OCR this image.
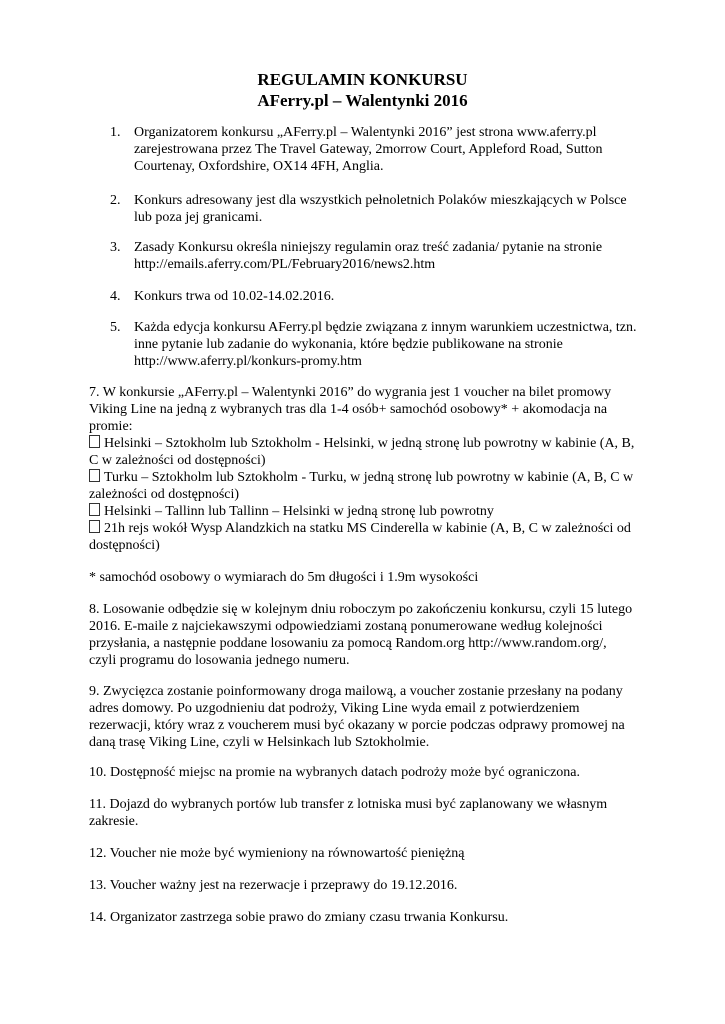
REGULAMIN KONKURSU
AFerry.pl – Walentynki 2016
1. Organizatorem konkursu „AFerry.pl – Walentynki 2016” jest strona www.aferry.pl
zarejestrowana przez The Travel Gateway, 2morrow Court, Appleford Road, Sutton
Courtenay, Oxfordshire, OX14 4FH, Anglia.
2. Konkurs adresowany jest dla wszystkich pełnoletnich Polaków mieszkających w Polsce
lub poza jej granicami.
3. Zasady Konkursu określa niniejszy regulamin oraz treść zadania/ pytanie na stronie
http://emails.aferry.com/PL/February2016/news2.htm
4. Konkurs trwa od 10.02-14.02.2016.
5. Każda edycja konkursu AFerry.pl będzie związana z innym warunkiem uczestnictwa, tzn.
inne pytanie lub zadanie do wykonania, które będzie publikowane na stronie
http://www.aferry.pl/konkurs-promy.htm
7. W konkursie „AFerry.pl – Walentynki 2016” do wygrania jest 1 voucher na bilet promowy
Viking Line na jedną z wybranych tras dla 1-4 osób+ samochód osobowy* + akomodacja na
promie:
Helsinki – Sztokholm lub Sztokholm - Helsinki, w jedną stronę lub powrotny w kabinie (A, B,
C w zależności od dostępności)
Turku – Sztokholm lub Sztokholm - Turku, w jedną stronę lub powrotny w kabinie (A, B, C w
zależności od dostępności)
Helsinki – Tallinn lub Tallinn – Helsinki w jedną stronę lub powrotny
21h rejs wokół Wysp Alandzkich na statku MS Cinderella w kabinie (A, B, C w zależności od
dostępności)
* samochód osobowy o wymiarach do 5m długości i 1.9m wysokości
8. Losowanie odbędzie się w kolejnym dniu roboczym po zakończeniu konkursu, czyli 15 lutego
2016. E-maile z najciekawszymi odpowiedziami zostaną ponumerowane według kolejności
przysłania, a następnie poddane losowaniu za pomocą Random.org http://www.random.org/,
czyli programu do losowania jednego numeru.
9. Zwycięzca zostanie poinformowany droga mailową, a voucher zostanie przesłany na podany
adres domowy. Po uzgodnieniu dat podroży, Viking Line wyda email z potwierdzeniem
rezerwacji, który wraz z voucherem musi być okazany w porcie podczas odprawy promowej na
daną trasę Viking Line, czyli w Helsinkach lub Sztokholmie.
10. Dostępność miejsc na promie na wybranych datach podroży może być ograniczona.
11. Dojazd do wybranych portów lub transfer z lotniska musi być zaplanowany we własnym
zakresie.
12. Voucher nie może być wymieniony na równowartość pieniężną
13. Voucher ważny jest na rezerwacje i przeprawy do 19.12.2016.
14. Organizator zastrzega sobie prawo do zmiany czasu trwania Konkursu.
